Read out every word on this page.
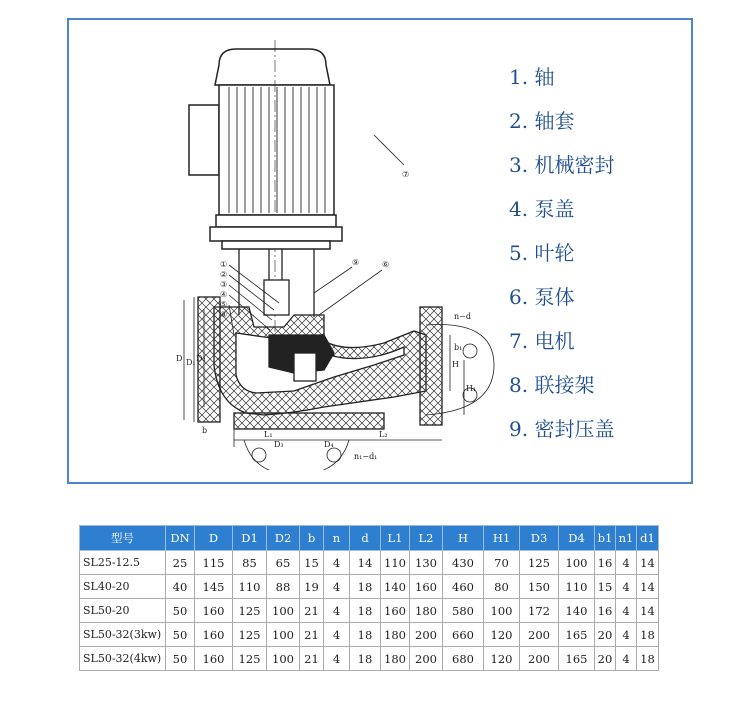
①
②
③
④
⑤
⑥
⑦
⑧
⑨
D D₁ D₂
b
n−d
L₁	L₂
D₃	D₄
H
H₁
b₁
n₁−d₁
1. 轴
2. 轴套
3. 机械密封
4. 泵盖
5. 叶轮
6. 泵体
7. 电机
8. 联接架
9. 密封压盖
型号	DN	D	D1	D2	b	n	d	L1	L2	H	H1	D3	D4	b1	n1	d1
SL25-12.5	25	115	85	65	15	4	14	110	130	430	70	125	100	16	4	14
SL40-20	40	145	110	88	19	4	18	140	160	460	80	150	110	15	4	14
SL50-20	50	160	125	100	21	4	18	160	180	580	100	172	140	16	4	14
SL50-32(3kw)	50	160	125	100	21	4	18	180	200	660	120	200	165	20	4	18
SL50-32(4kw)	50	160	125	100	21	4	18	180	200	680	120	200	165	20	4	18
